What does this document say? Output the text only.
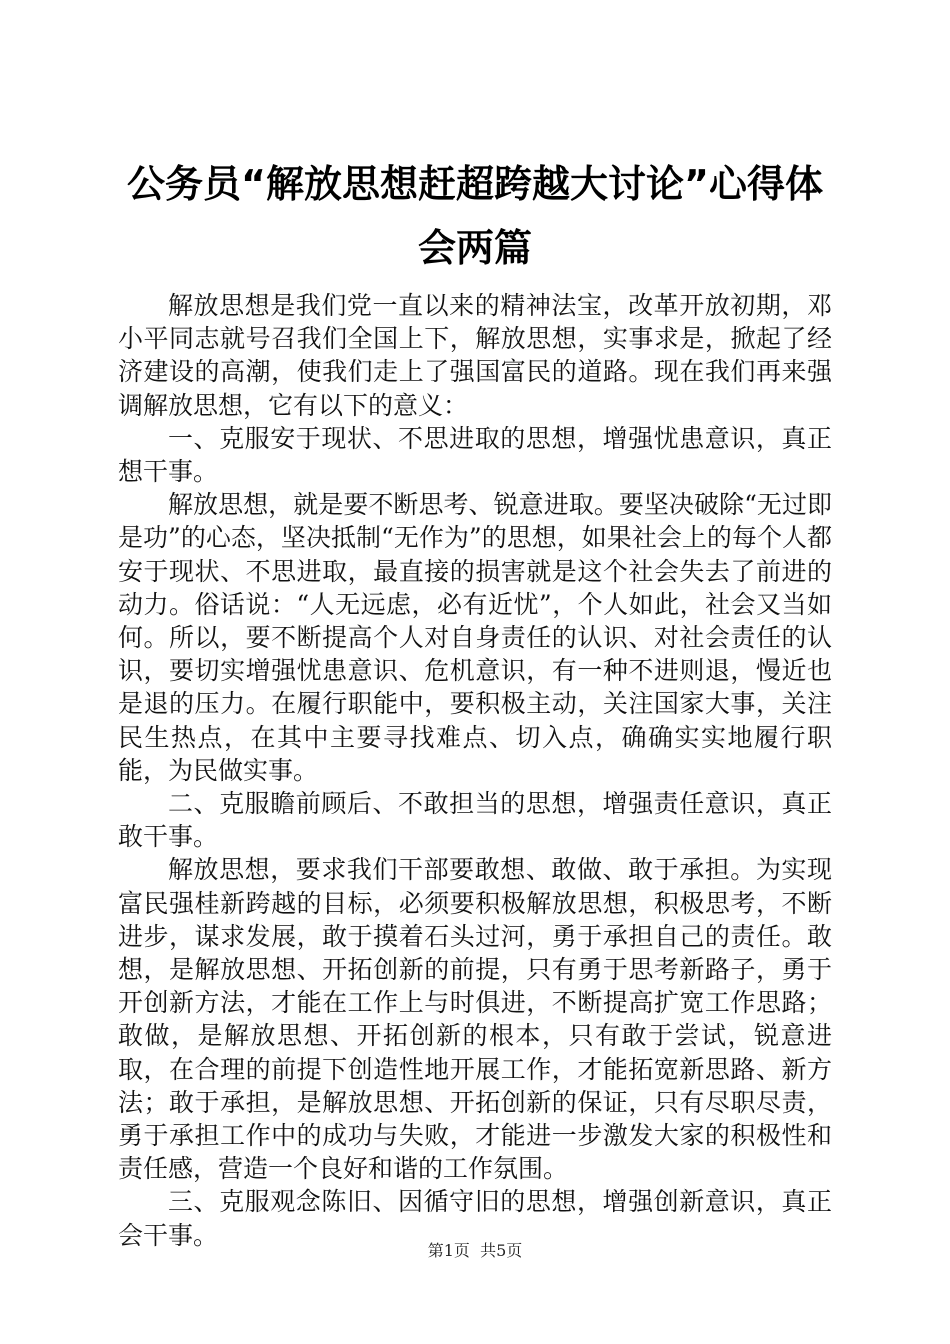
公务员“解放思想赶超跨越大讨论”心得体会两篇

解放思想是我们党一直以来的精神法宝，改革开放初期，邓小平同志就号召我们全国上下，解放思想，实事求是，掀起了经济建设的高潮，使我们走上了强国富民的道路。现在我们再来强调解放思想，它有以下的意义：

一、克服安于现状、不思进取的思想，增强忧患意识，真正想干事。

解放思想，就是要不断思考、锐意进取。要坚决破除“无过即是功”的心态，坚决抵制“无作为”的思想，如果社会上的每个人都安于现状、不思进取，最直接的损害就是这个社会失去了前进的动力。俗话说：“人无远虑，必有近忧”，个人如此，社会又当如何。所以，要不断提高个人对自身责任的认识、对社会责任的认识，要切实增强忧患意识、危机意识，有一种不进则退，慢近也是退的压力。在履行职能中，要积极主动，关注国家大事，关注民生热点，在其中主要寻找难点、切入点，确确实实地履行职能，为民做实事。

二、克服瞻前顾后、不敢担当的思想，增强责任意识，真正敢干事。

解放思想，要求我们干部要敢想、敢做、敢于承担。为实现富民强桂新跨越的目标，必须要积极解放思想，积极思考，不断进步，谋求发展，敢于摸着石头过河，勇于承担自己的责任。敢想，是解放思想、开拓创新的前提，只有勇于思考新路子，勇于开创新方法，才能在工作上与时俱进，不断提高扩宽工作思路；敢做，是解放思想、开拓创新的根本，只有敢于尝试，锐意进取，在合理的前提下创造性地开展工作，才能拓宽新思路、新方法；敢于承担，是解放思想、开拓创新的保证，只有尽职尽责，勇于承担工作中的成功与失败，才能进一步激发大家的积极性和责任感，营造一个良好和谐的工作氛围。

三、克服观念陈旧、因循守旧的思想，增强创新意识，真正会干事。

第1页 共5页
